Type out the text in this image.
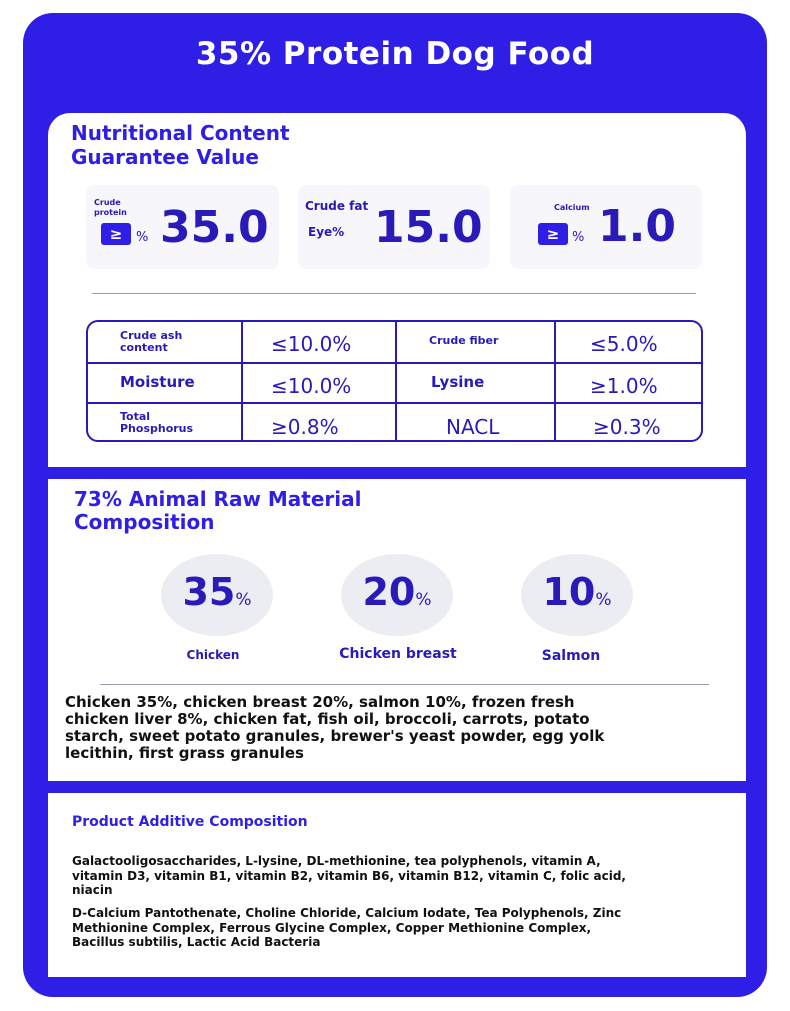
35% Protein Dog Food
Nutritional Content
Guarantee Value
Crude
protein
≥	% 35.0	Crude fat
Eye% 15.0	Calcium
≥ % 1.0
Crude ash
content	≤10.0%	Crude fiber	≤5.0%
Moisture	≤10.0%	Lysine	≥1.0%
Total
Phosphorus	≥0.8%	NACL	≥0.3%
73% Animal Raw Material
Composition
35%	20%	10%
Chicken	Chicken breast	Salmon
Chicken 35%, chicken breast 20%, salmon 10%, frozen fresh
chicken liver 8%, chicken fat, fish oil, broccoli, carrots, potato
starch, sweet potato granules, brewer's yeast powder, egg yolk
lecithin, first grass granules
Product Additive Composition
Galactooligosaccharides, L-lysine, DL-methionine, tea polyphenols, vitamin A,
vitamin D3, vitamin B1, vitamin B2, vitamin B6, vitamin B12, vitamin C, folic acid,
niacin
D-Calcium Pantothenate, Choline Chloride, Calcium Iodate, Tea Polyphenols, Zinc
Methionine Complex, Ferrous Glycine Complex, Copper Methionine Complex,
Bacillus subtilis, Lactic Acid Bacteria
